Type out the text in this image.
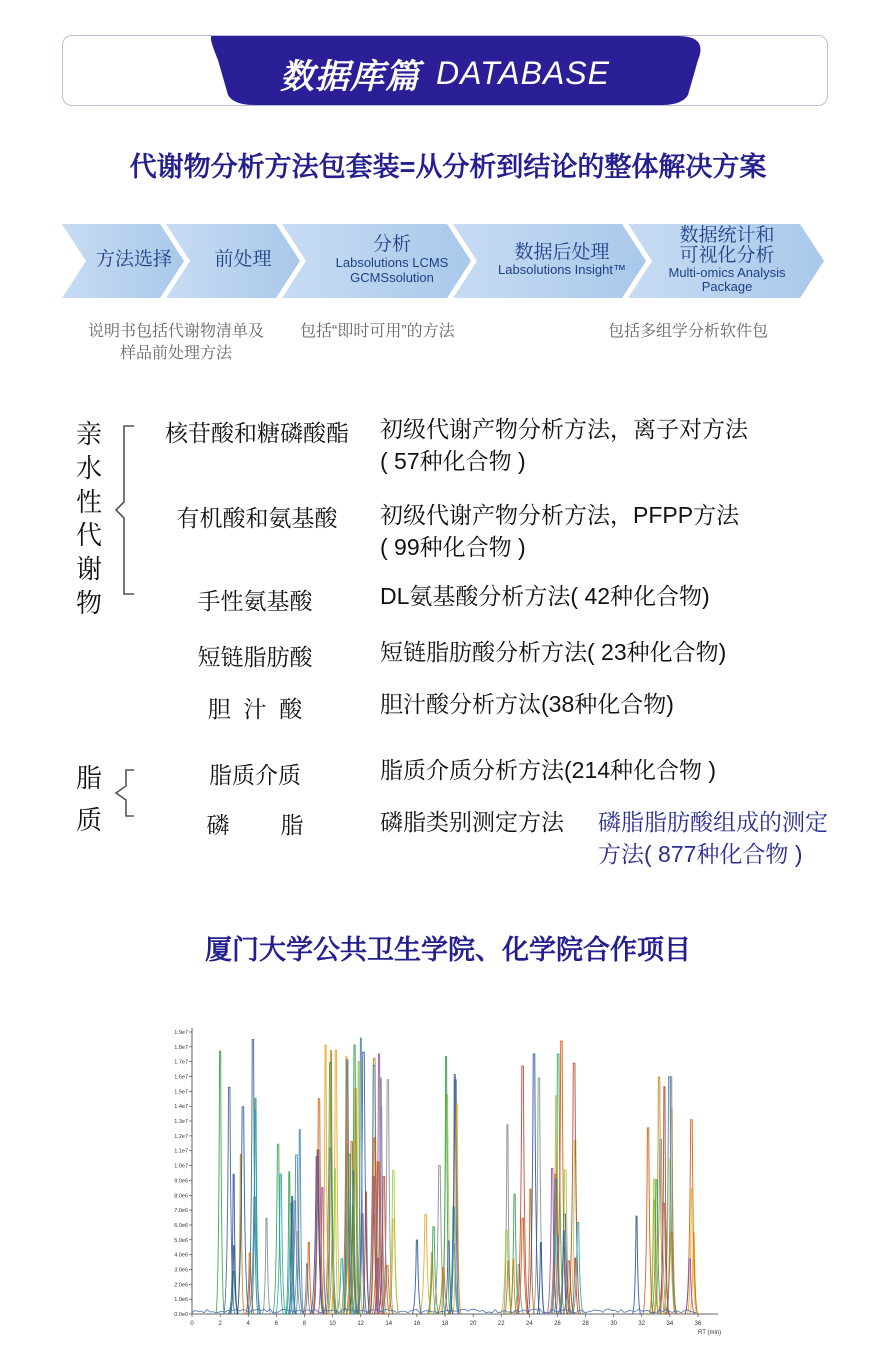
数据库篇 DATABASE
代谢物分析方法包套装=从分析到结论的整体解决方案
方法选择 前处理
分析
Labsolutions LCMS
GCMSsolution
数据后处理
Labsolutions Insight™
数据统计和
可视化分析
Multi-omics Analysis
Package
说明书包括代谢物清单及
样品前处理方法
包括“即时可用”的方法	包括多组学分析软件包
亲
水
性
代
谢
物
脂
质
核苷酸和糖磷酸酯	初级代谢产物分析方法，离子对方法
( 57种化合物 )
有机酸和氨基酸	初级代谢产物分析方法，PFPP方法
( 99种化合物 )
手性氨基酸	DL氨基酸分析方法( 42种化合物)
短链脂肪酸	短链脂肪酸分析方法( 23种化合物)
胆  汁  酸	胆汁酸分析方汰(38种化合物)
脂质介质	脂质介质分析方法(214种化合物 )
磷        脂	磷脂类别测定方法 磷脂脂肪酸组成的测定
方法( 877种化合物 )
厦门大学公共卫生学院、化学院合作项目
0.0e0
1.0e6
2.0e6
3.0e6
4.0e6
5.0e6
6.0e6
7.0e6
8.0e6
9.0e6
1.0e7
1.1e7
1.2e7
1.3e7
1.4e7
1.5e7
1.6e7
1.7e7
1.8e7
1.9e7
0	2	4	6	8	10	12	14	16	18	20	22	24	26	28	30	32	34	36
RT (min)
